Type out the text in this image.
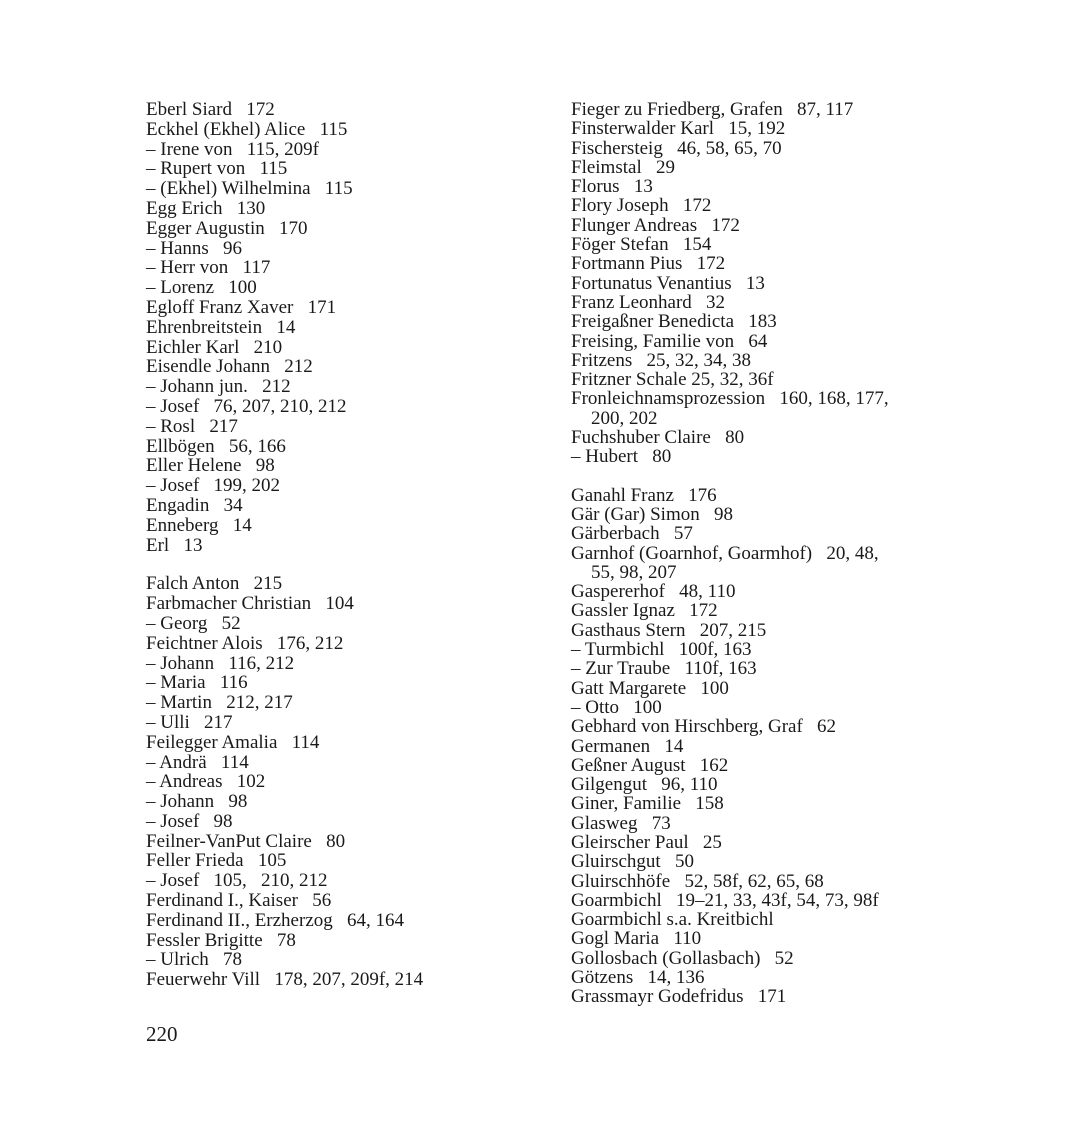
Eberl Siard   172
Eckhel (Ekhel) Alice   115
– Irene von   115, 209f
– Rupert von   115
– (Ekhel) Wilhelmina   115
Egg Erich   130
Egger Augustin   170
– Hanns   96
– Herr von   117
– Lorenz   100
Egloff Franz Xaver   171
Ehrenbreitstein   14
Eichler Karl   210
Eisendle Johann   212
– Johann jun.   212
– Josef   76, 207, 210, 212
– Rosl   217
Ellbögen   56, 166
Eller Helene   98
– Josef   199, 202
Engadin   34
Enneberg   14
Erl   13
Falch Anton   215
Farbmacher Christian   104
– Georg   52
Feichtner Alois   176, 212
– Johann   116, 212
– Maria   116
– Martin   212, 217
– Ulli   217
Feilegger Amalia   114
– Andrä   114
– Andreas   102
– Johann   98
– Josef   98
Feilner-VanPut Claire   80
Feller Frieda   105
– Josef   105,   210, 212
Ferdinand I., Kaiser   56
Ferdinand II., Erzherzog   64, 164
Fessler Brigitte   78
– Ulrich   78
Feuerwehr Vill   178, 207, 209f, 214
Fieger zu Friedberg, Grafen   87, 117
Finsterwalder Karl   15, 192
Fischersteig   46, 58, 65, 70
Fleimstal   29
Florus   13
Flory Joseph   172
Flunger Andreas   172
Föger Stefan   154
Fortmann Pius   172
Fortunatus Venantius   13
Franz Leonhard   32
Freigaßner Benedicta   183
Freising, Familie von   64
Fritzens   25, 32, 34, 38
Fritzner Schale 25, 32, 36f
Fronleichnamsprozession   160, 168, 177,
200, 202
Fuchshuber Claire   80
– Hubert   80
Ganahl Franz   176
Gär (Gar) Simon   98
Gärberbach   57
Garnhof (Goarnhof, Goarmhof)   20, 48,
55, 98, 207
Gaspererhof   48, 110
Gassler Ignaz   172
Gasthaus Stern   207, 215
– Turmbichl   100f, 163
– Zur Traube   110f, 163
Gatt Margarete   100
– Otto   100
Gebhard von Hirschberg, Graf   62
Germanen   14
Geßner August   162
Gilgengut   96, 110
Giner, Familie   158
Glasweg   73
Gleirscher Paul   25
Gluirschgut   50
Gluirschhöfe   52, 58f, 62, 65, 68
Goarmbichl   19–21, 33, 43f, 54, 73, 98f
Goarmbichl s.a. Kreitbichl
Gogl Maria   110
Gollosbach (Gollasbach)   52
Götzens   14, 136
Grassmayr Godefridus   171
220
